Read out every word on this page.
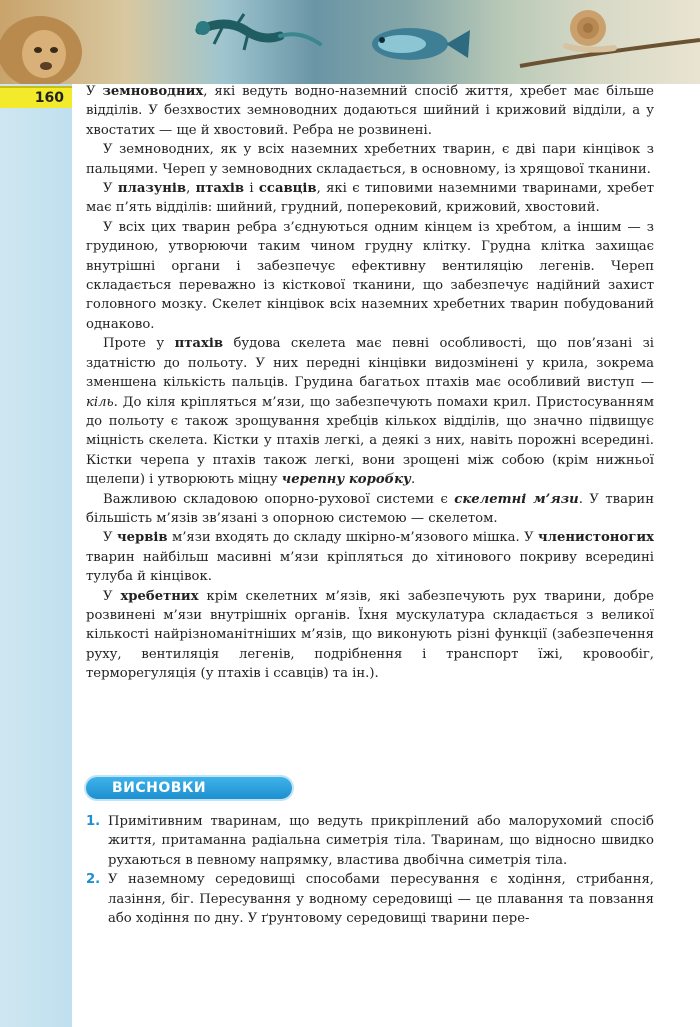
160	У земноводних, які ведуть водно-наземний спосіб життя, хребет має більше відділів. У безхвостих земноводних додаються шийний і крижовий відділи, а у хвостатих — ще й хвостовий. Ребра не розвинені.

У земноводних, як у всіх наземних хребетних тварин, є дві пари кінцівок з пальцями. Череп у земноводних складається, в основному, із хрящової тканини.

У плазунів, птахів і ссавців, які є типовими наземними тваринами, хребет має п’ять відділів: шийний, грудний, поперековий, крижовий, хвостовий.

У всіх цих тварин ребра з’єднуються одним кінцем із хребтом, а іншим — з грудиною, утворюючи таким чином грудну клітку. Грудна клітка захищає внутрішні органи і забезпечує ефективну вентиляцію легенів. Череп складається переважно із кісткової тканини, що забезпечує надійний захист головного мозку. Скелет кінцівок всіх наземних хребетних тварин побудований однаково.

Проте у птахів будова скелета має певні особливості, що пов’язані зі здатністю до польоту. У них передні кінцівки видозмінені у крила, зокрема зменшена кількість пальців. Грудина багатьох птахів має особливий виступ — кіль. До кіля кріпляться м’язи, що забезпечують помахи крил. Пристосуванням до польоту є також зрощування хребців кількох відділів, що значно підвищує міцність скелета. Кістки у птахів легкі, а деякі з них, навіть порожні всередині. Кістки черепа у птахів також легкі, вони зрощені між собою (крім нижньої щелепи) і утворюють міцну черепну коробку.

Важливою складовою опорно-рухової системи є скелетні м’язи. У тварин більшість м’язів зв’язані з опорною системою — скелетом.

У червів м’язи входять до складу шкірно-м’язового мішка. У членистоногих тварин найбільш масивні м’язи кріпляться до хітинового покриву всередині тулуба й кінцівок.

У хребетних крім скелетних м’язів, які забезпечують рух тварини, добре розвинені м’язи внутрішніх органів. Їхня мускулатура складається з великої кількості найрізноманітніших м’язів, що виконують різні функції (забезпечення руху, вентиляція легенів, подрібнення і транспорт їжі, кровообіг, терморегуляція (у птахів і ссавців) та ін.).

ВИСНОВКИ
1. Примітивним тваринам, що ведуть прикріплений або малорухомий спосіб життя, притаманна радіальна симетрія тіла. Тваринам, що відносно швидко рухаються в певному напрямку, властива двобічна симетрія тіла.
2. У наземному середовищі способами пересування є ходіння, стрибання, лазіння, біг. Пересування у водному середовищі — це плавання та повзання або ходіння по дну. У ґрунтовому середовищі тварини пере-
